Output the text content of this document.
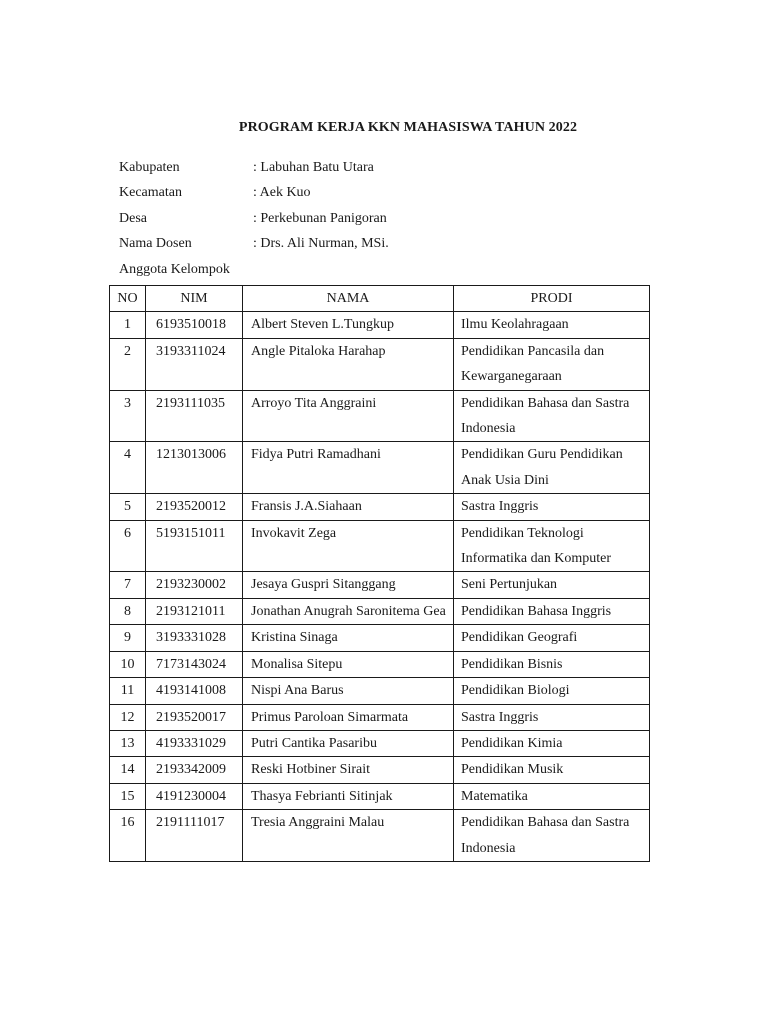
PROGRAM KERJA KKN MAHASISWA TAHUN 2022
Kabupaten	: Labuhan Batu Utara
Kecamatan	: Aek Kuo
Desa	: Perkebunan Panigoran
Nama Dosen	: Drs. Ali Nurman, MSi.
Anggota Kelompok
NO	NIM	NAMA	PRODI
1	6193510018	Albert Steven L.Tungkup	Ilmu Keolahragaan
2	3193311024	Angle Pitaloka Harahap	Pendidikan Pancasila dan Kewarganegaraan
3	2193111035	Arroyo Tita Anggraini	Pendidikan Bahasa dan Sastra Indonesia
4	1213013006	Fidya Putri Ramadhani	Pendidikan Guru Pendidikan Anak Usia Dini
5	2193520012	Fransis J.A.Siahaan	Sastra Inggris
6	5193151011	Invokavit Zega	Pendidikan Teknologi Informatika dan Komputer
7	2193230002	Jesaya Guspri Sitanggang	Seni Pertunjukan
8	2193121011	Jonathan Anugrah Saronitema Gea	Pendidikan Bahasa Inggris
9	3193331028	Kristina Sinaga	Pendidikan Geografi
10	7173143024	Monalisa Sitepu	Pendidikan Bisnis
11	4193141008	Nispi Ana Barus	Pendidikan Biologi
12	2193520017	Primus Paroloan Simarmata	Sastra Inggris
13	4193331029	Putri Cantika Pasaribu	Pendidikan Kimia
14	2193342009	Reski Hotbiner Sirait	Pendidikan Musik
15	4191230004	Thasya Febrianti Sitinjak	Matematika
16	2191111017	Tresia Anggraini Malau	Pendidikan Bahasa dan Sastra Indonesia
